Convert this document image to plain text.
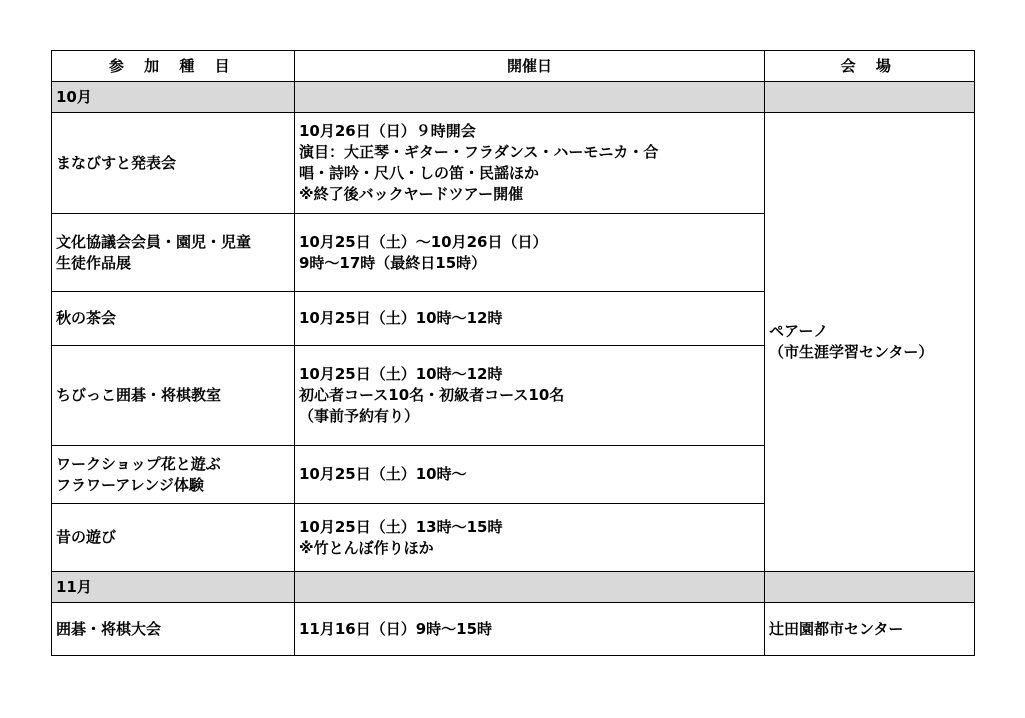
参 加 種 目	開催日	会 場
10月		
まなびすと発表会	10月26日（日）９時開会
演目：大正琴・ギター・フラダンス・ハーモニカ・合
唱・詩吟・尺八・しの笛・民謡ほか
※終了後バックヤードツアー開催	ペアーノ
（市生涯学習センター）
文化協議会会員・園児・児童
生徒作品展	10月25日（土）～10月26日（日）
9時～17時（最終日15時）	
秋の茶会	10月25日（土）10時～12時	
ちびっこ囲碁・将棋教室	10月25日（土）10時～12時
初心者コース10名・初級者コース10名
（事前予約有り）	
ワークショップ花と遊ぶ
フラワーアレンジ体験	10月25日（土）10時～	
昔の遊び	10月25日（土）13時～15時
※竹とんぼ作りほか	
11月		
囲碁・将棋大会	11月16日（日）9時～15時	辻田園都市センター
